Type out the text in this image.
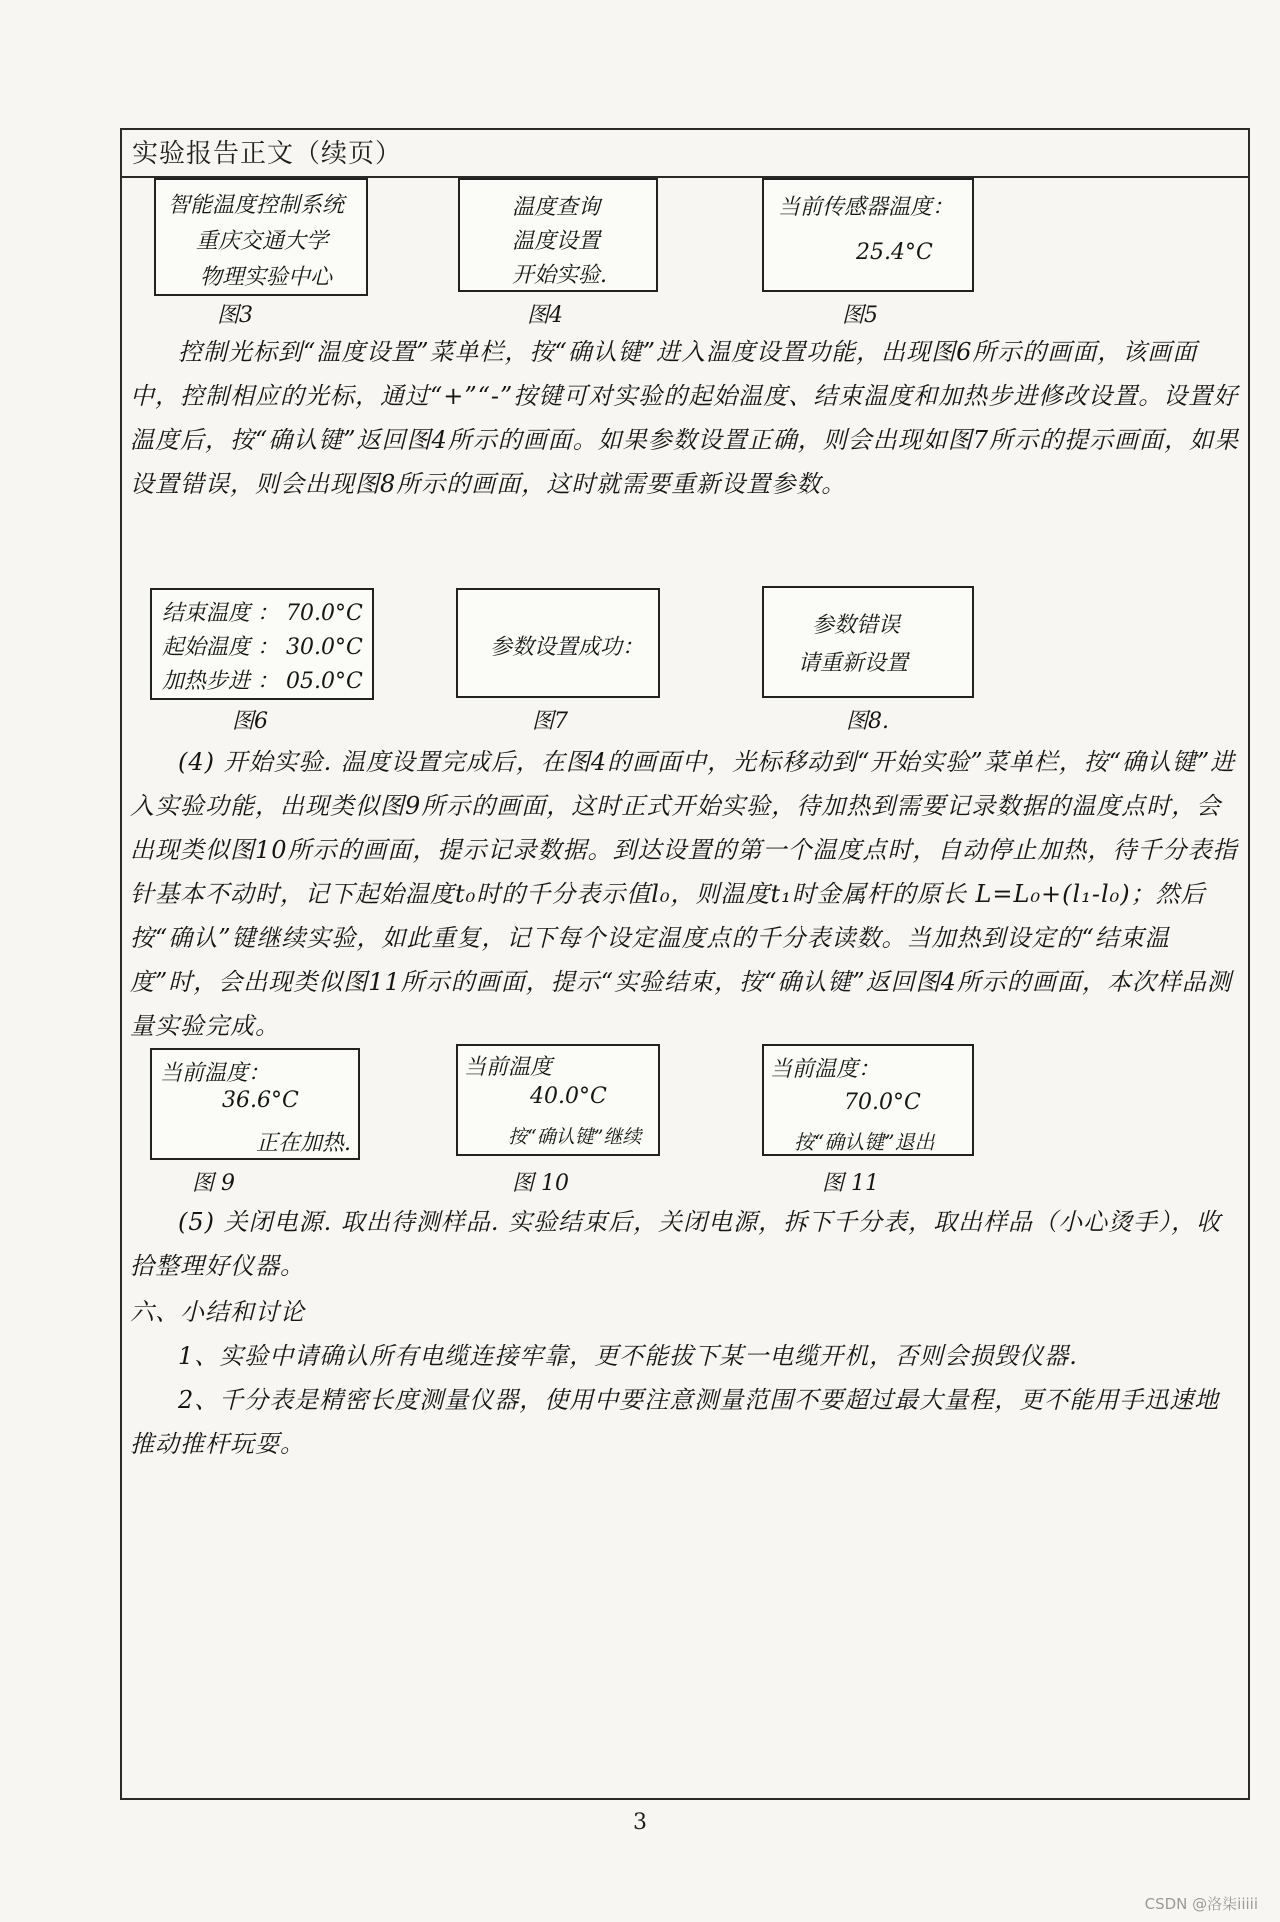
实验报告正文（续页）
智能温度控制系统
重庆交通大学
物理实验中心
图3
温度查询
温度设置
开始实验.
图4
当前传感器温度：
25.4°C
图5

控制光标到“温度设置”菜单栏，按“确认键”进入温度设置功能，出现图6所示的画面，该画面中，控制相应的光标，通过“+”“-”按键可对实验的起始温度、结束温度和加热步进修改设置。设置好温度后，按“确认键”返回图4所示的画面。如果参数设置正确，则会出现如图7所示的提示画面，如果设置错误，则会出现图8所示的画面，这时就需要重新设置参数。

结束温度 ： 70.0°C
起始温度 ： 30.0°C
加热步进 ： 05.0°C
图6
参数设置成功：
图7
参数错误
请重新设置
图8.

(4) 开始实验. 温度设置完成后，在图4的画面中，光标移动到“开始实验”菜单栏，按“确认键”进入实验功能，出现类似图9所示的画面，这时正式开始实验，待加热到需要记录数据的温度点时，会出现类似图10所示的画面，提示记录数据。到达设置的第一个温度点时，自动停止加热，待千分表指针基本不动时，记下起始温度t₀时的千分表示值l₀，则温度t₁时金属杆的原长 L=L₀+(l₁-l₀)；然后按“确认”键继续实验，如此重复，记下每个设定温度点的千分表读数。当加热到设定的“结束温度”时，会出现类似图11所示的画面，提示“实验结束，按“确认键”返回图4所示的画面，本次样品测量实验完成。

当前温度：
36.6°C
正在加热.
图 9
当前温度
40.0°C
按“确认键”继续
图 10
当前温度：
70.0°C
按“确认键”退出
图 11

(5) 关闭电源. 取出待测样品. 实验结束后，关闭电源，拆下千分表，取出样品（小心烫手），收拾整理好仪器。

六、小结和讨论

1、实验中请确认所有电缆连接牢靠，更不能拔下某一电缆开机，否则会损毁仪器.

2、千分表是精密长度测量仪器，使用中要注意测量范围不要超过最大量程，更不能用手迅速地推动推杆玩耍。

3
CSDN @洛柒iiiii
